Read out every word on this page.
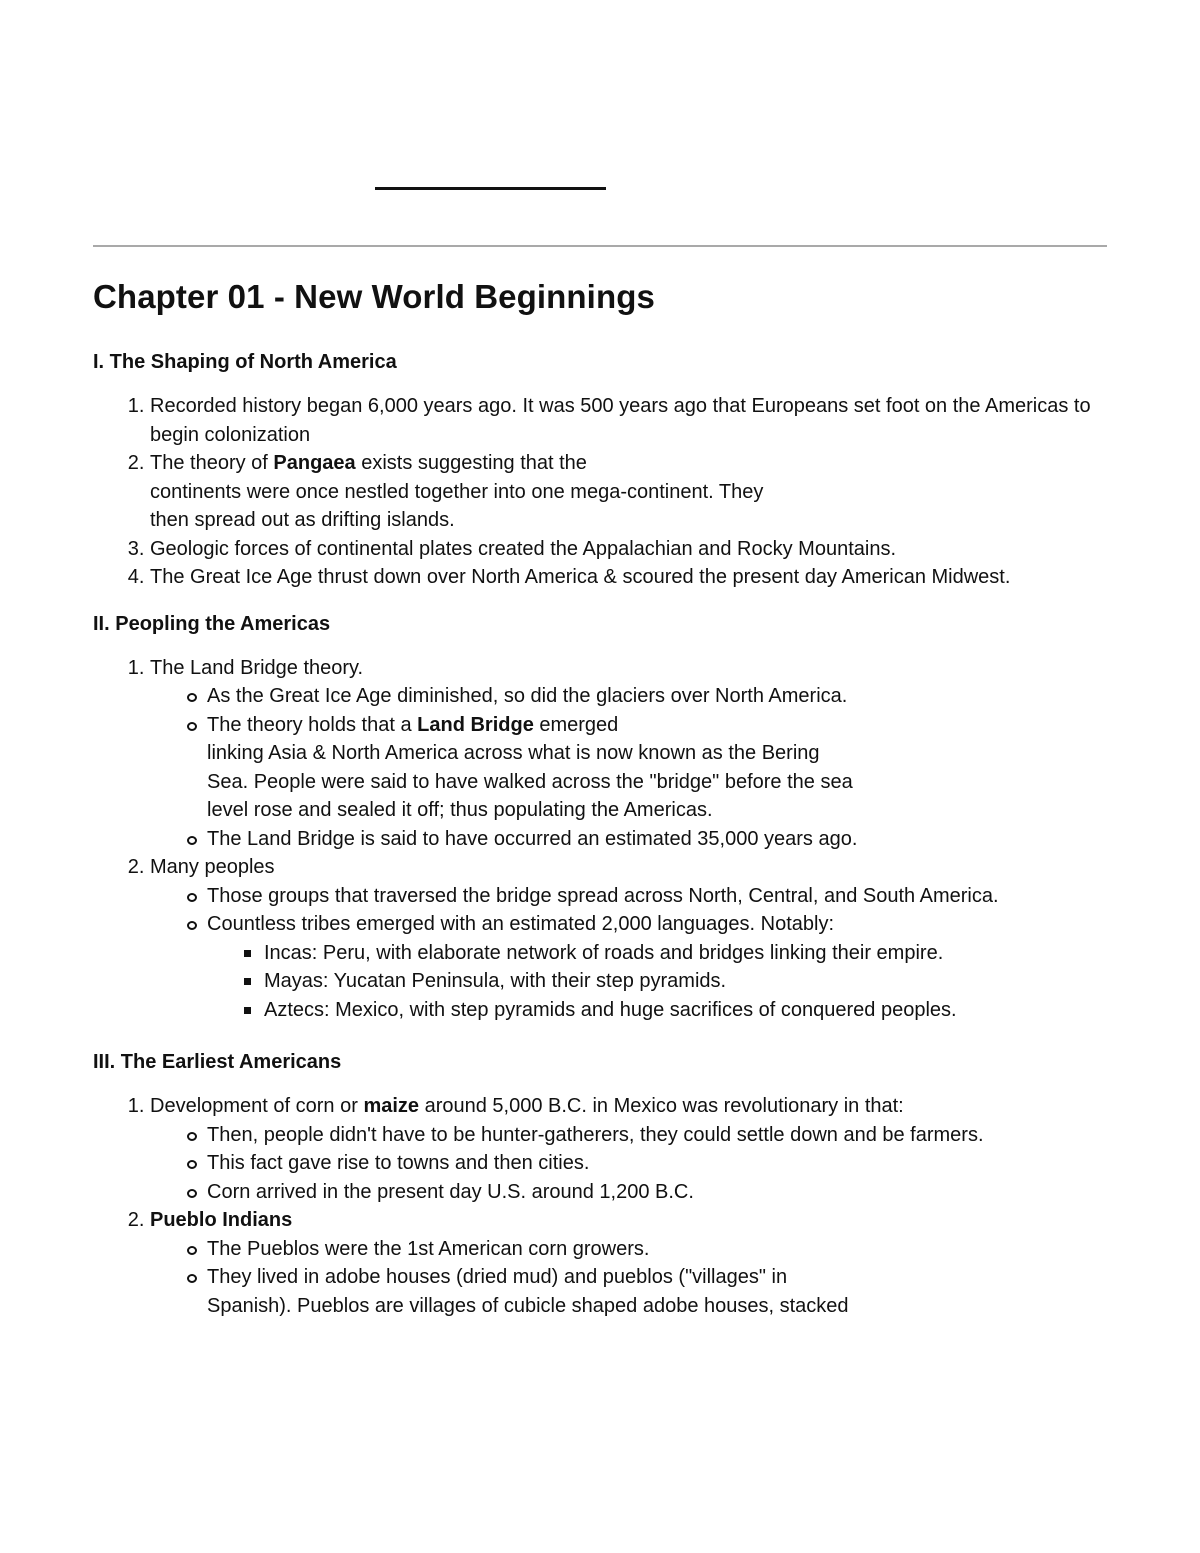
Chapter 01 - New World Beginnings
I. The Shaping of North America
1. Recorded history began 6,000 years ago. It was 500 years ago that Europeans set foot on the Americas to begin colonization
2. The theory of Pangaea exists suggesting that the
continents were once nestled together into one mega-continent. They
then spread out as drifting islands.
3. Geologic forces of continental plates created the Appalachian and Rocky Mountains.
4. The Great Ice Age thrust down over North America & scoured the present day American Midwest.
II. Peopling the Americas
1. The Land Bridge theory.
As the Great Ice Age diminished, so did the glaciers over North America.
The theory holds that a Land Bridge emerged
linking Asia & North America across what is now known as the Bering
Sea. People were said to have walked across the "bridge" before the sea
level rose and sealed it off; thus populating the Americas.
The Land Bridge is said to have occurred an estimated 35,000 years ago.
2. Many peoples
Those groups that traversed the bridge spread across North, Central, and South America.
Countless tribes emerged with an estimated 2,000 languages. Notably:
Incas: Peru, with elaborate network of roads and bridges linking their empire.
Mayas: Yucatan Peninsula, with their step pyramids.
Aztecs: Mexico, with step pyramids and huge sacrifices of conquered peoples.
III. The Earliest Americans
1. Development of corn or maize around 5,000 B.C. in Mexico was revolutionary in that:
Then, people didn't have to be hunter-gatherers, they could settle down and be farmers.
This fact gave rise to towns and then cities.
Corn arrived in the present day U.S. around 1,200 B.C.
2. Pueblo Indians
The Pueblos were the 1st American corn growers.
They lived in adobe houses (dried mud) and pueblos ("villages" in
Spanish). Pueblos are villages of cubicle shaped adobe houses, stacked
